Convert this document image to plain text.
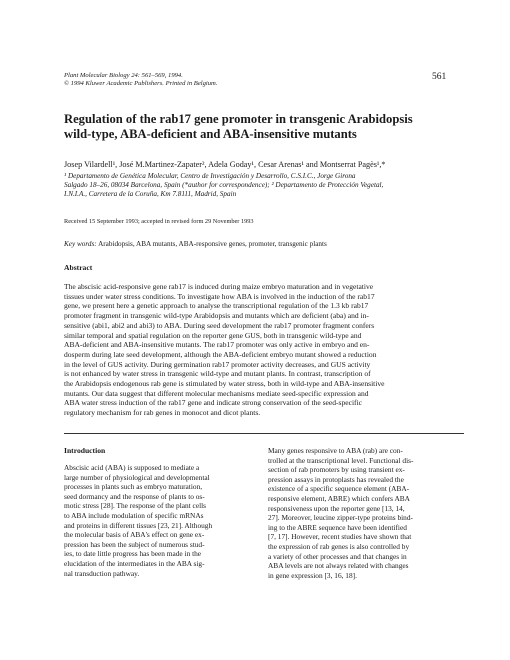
Plant Molecular Biology 24: 561–569, 1994.
© 1994 Kluwer Academic Publishers. Printed in Belgium.
561
Regulation of the rab17 gene promoter in transgenic Arabidopsis
wild-type, ABA-deficient and ABA-insensitive mutants
Josep Vilardell¹, José M.Martinez-Zapater², Adela Goday¹, Cesar Arenas¹ and Montserrat Pagès¹,*
¹ Departamento de Genética Molecular, Centro de Investigación y Desarrollo, C.S.I.C., Jorge Girona
Salgado 18–26, 08034 Barcelona, Spain (*author for correspondence); ² Departamento de Protección Vegetal,
I.N.I.A., Carretera de la Coruña, Km 7.8111, Madrid, Spain
Received 15 September 1993; accepted in revised form 29 November 1993
Key words: Arabidopsis, ABA mutants, ABA-responsive genes, promoter, transgenic plants
Abstract
The abscisic acid-responsive gene rab17 is induced during maize embryo maturation and in vegetative
tissues under water stress conditions. To investigate how ABA is involved in the induction of the rab17
gene, we present here a genetic approach to analyse the transcriptional regulation of the 1.3 kb rab17
promoter fragment in transgenic wild-type Arabidopsis and mutants which are deficient (aba) and in-
sensitive (abi1, abi2 and abi3) to ABA. During seed development the rab17 promoter fragment confers
similar temporal and spatial regulation on the reporter gene GUS, both in transgenic wild-type and
ABA-deficient and ABA-insensitive mutants. The rab17 promoter was only active in embryo and en-
dosperm during late seed development, although the ABA-deficient embryo mutant showed a reduction
in the level of GUS activity. During germination rab17 promoter activity decreases, and GUS activity
is not enhanced by water stress in transgenic wild-type and mutant plants. In contrast, transcription of
the Arabidopsis endogenous rab gene is stimulated by water stress, both in wild-type and ABA-insensitive
mutants. Our data suggest that different molecular mechanisms mediate seed-specific expression and
ABA water stress induction of the rab17 gene and indicate strong conservation of the seed-specific
regulatory mechanism for rab genes in monocot and dicot plants.
Introduction
Abscisic acid (ABA) is supposed to mediate a
large number of physiological and developmental
processes in plants such as embryo maturation,
seed dormancy and the response of plants to os-
motic stress [28]. The response of the plant cells
to ABA include modulation of specific mRNAs
and proteins in different tissues [23, 21]. Although
the molecular basis of ABA's effect on gene ex-
pression has been the subject of numerous stud-
ies, to date little progress has been made in the
elucidation of the intermediates in the ABA sig-
nal transduction pathway.
Many genes responsive to ABA (rab) are con-
trolled at the transcriptional level. Functional dis-
section of rab promoters by using transient ex-
pression assays in protoplasts has revealed the
existence of a specific sequence element (ABA-
responsive element, ABRE) which confers ABA
responsiveness upon the reporter gene [13, 14,
27]. Moreover, leucine zipper-type proteins bind-
ing to the ABRE sequence have been identified
[7, 17]. However, recent studies have shown that
the expression of rab genes is also controlled by
a variety of other processes and that changes in
ABA levels are not always related with changes
in gene expression [3, 16, 18].
